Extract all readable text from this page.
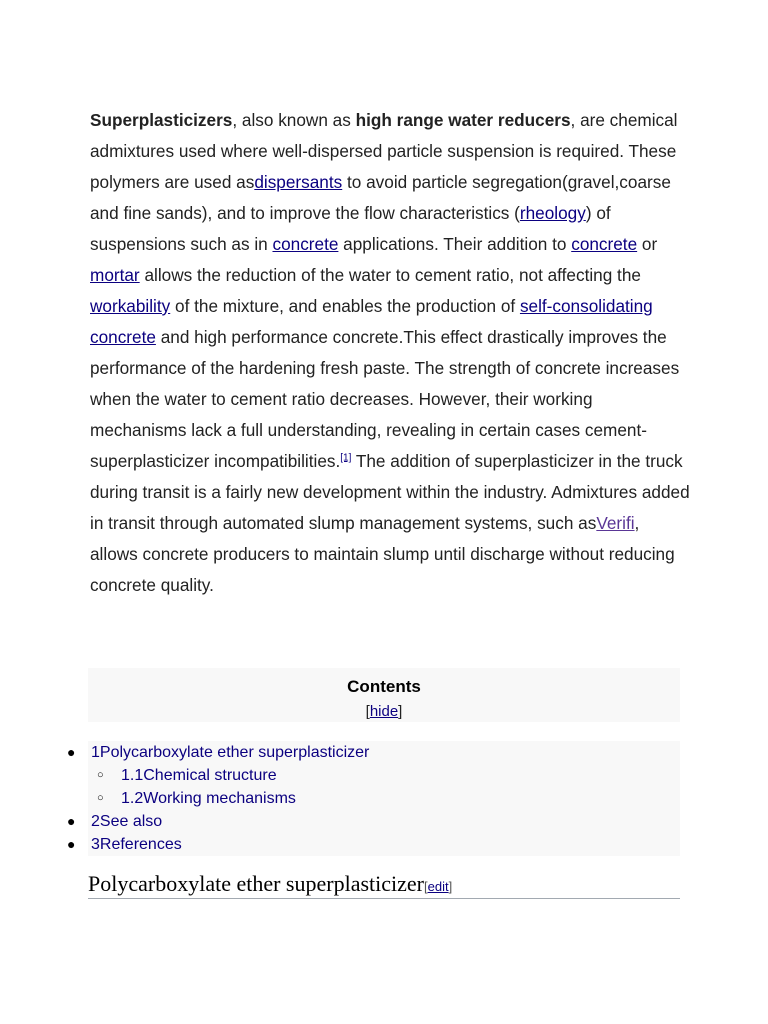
Superplasticizers, also known as high range water reducers, are chemical admixtures used where well-dispersed particle suspension is required. These polymers are used asdispersants to avoid particle segregation(gravel,coarse and fine sands), and to improve the flow characteristics (rheology) of suspensions such as in concrete applications. Their addition to concrete or mortar allows the reduction of the water to cement ratio, not affecting the workability of the mixture, and enables the production of self-consolidating concrete and high performance concrete.This effect drastically improves the performance of the hardening fresh paste. The strength of concrete increases when the water to cement ratio decreases. However, their working mechanisms lack a full understanding, revealing in certain cases cement-superplasticizer incompatibilities.[1] The addition of superplasticizer in the truck during transit is a fairly new development within the industry. Admixtures added in transit through automated slump management systems, such asVerifi, allows concrete producers to maintain slump until discharge without reducing concrete quality.
Contents
[hide]
● 1Polycarboxylate ether superplasticizer
○ 1.1Chemical structure
○ 1.2Working mechanisms
● 2See also
● 3References
Polycarboxylate ether superplasticizer[edit]
